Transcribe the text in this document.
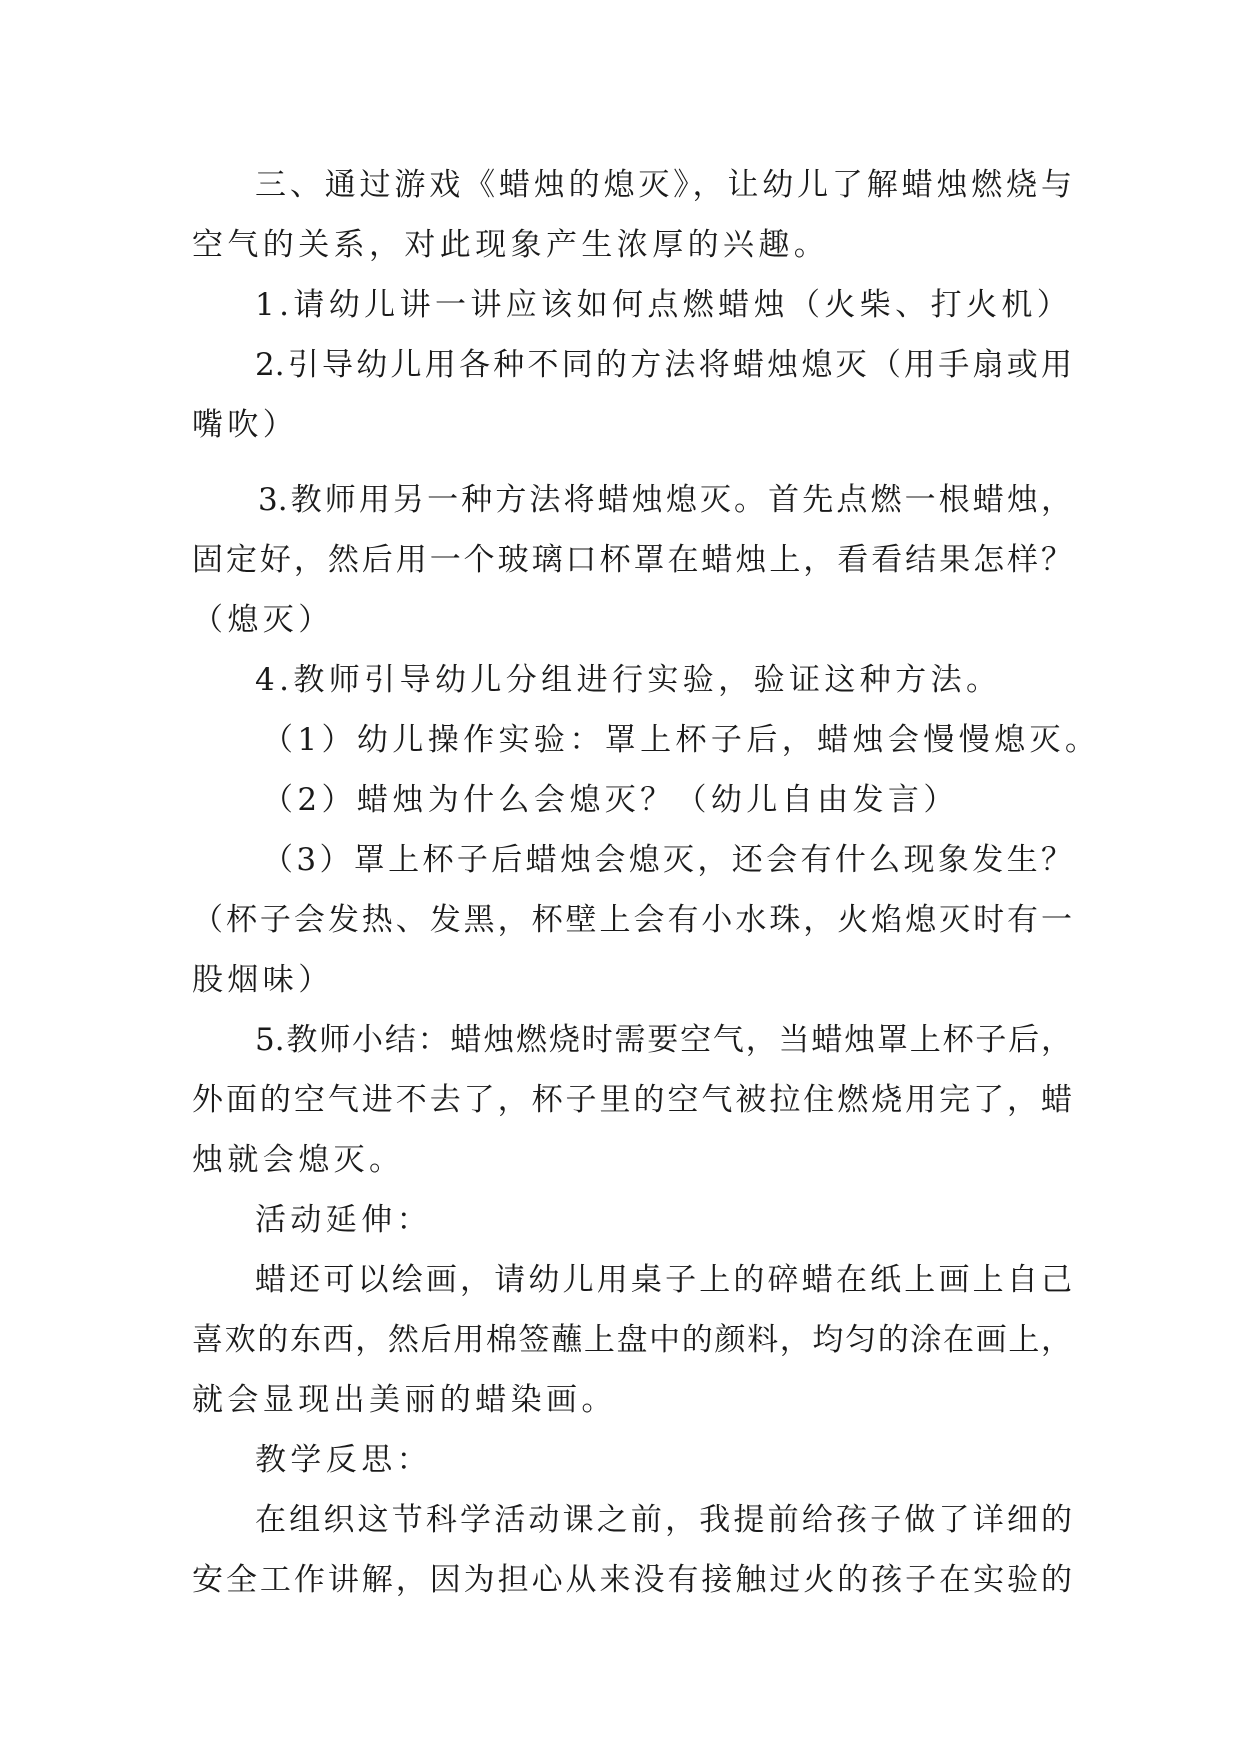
三、通过游戏《蜡烛的熄灭》，让幼儿了解蜡烛燃烧与
空气的关系，对此现象产生浓厚的兴趣。
1.请幼儿讲一讲应该如何点燃蜡烛（火柴、打火机）
2.引导幼儿用各种不同的方法将蜡烛熄灭（用手扇或用
嘴吹）
3.教师用另一种方法将蜡烛熄灭。首先点燃一根蜡烛，
固定好，然后用一个玻璃口杯罩在蜡烛上，看看结果怎样？
（熄灭）
4.教师引导幼儿分组进行实验，验证这种方法。
（1）幼儿操作实验：罩上杯子后，蜡烛会慢慢熄灭。
（2）蜡烛为什么会熄灭？（幼儿自由发言）
（3）罩上杯子后蜡烛会熄灭，还会有什么现象发生？
（杯子会发热、发黑，杯壁上会有小水珠，火焰熄灭时有一
股烟味）
5.教师小结：蜡烛燃烧时需要空气，当蜡烛罩上杯子后，
外面的空气进不去了，杯子里的空气被拉住燃烧用完了，蜡
烛就会熄灭。
活动延伸：
蜡还可以绘画，请幼儿用桌子上的碎蜡在纸上画上自己
喜欢的东西，然后用棉签蘸上盘中的颜料，均匀的涂在画上，
就会显现出美丽的蜡染画。
教学反思：
在组织这节科学活动课之前，我提前给孩子做了详细的
安全工作讲解，因为担心从来没有接触过火的孩子在实验的
